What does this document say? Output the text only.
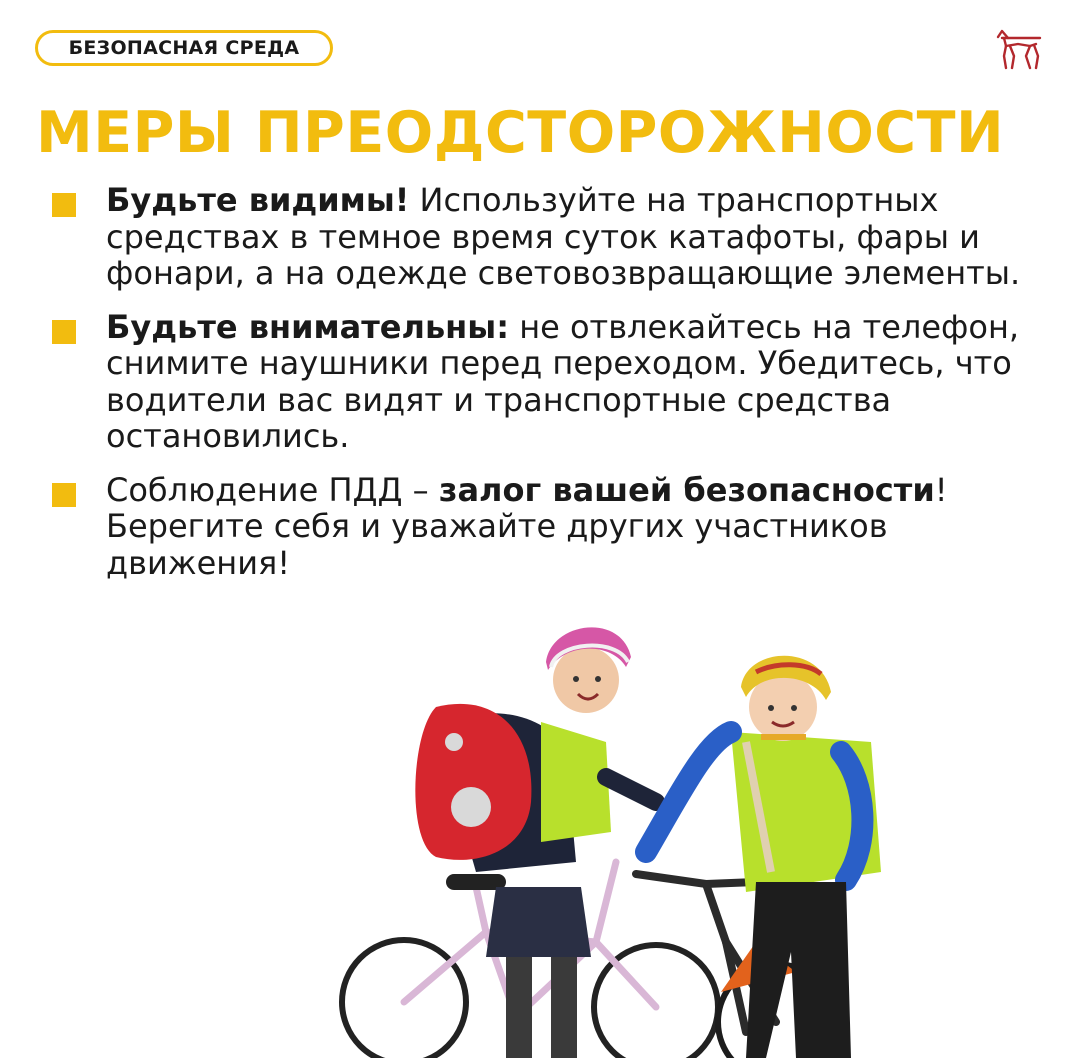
БЕЗОПАСНАЯ СРЕДА
МЕРЫ ПРЕОДСТОРОЖНОСТИ

Будьте видимы! Используйте на транспортных средствах в темное время суток катафоты, фары и фонари, а на одежде световозвращающие элементы.

Будьте внимательны: не отвлекайтесь на телефон, снимите наушники перед переходом. Убедитесь, что водители вас видят и транспортные средства остановились.

Соблюдение ПДД – залог вашей безопасности! Берегите себя и уважайте других участников движения!
